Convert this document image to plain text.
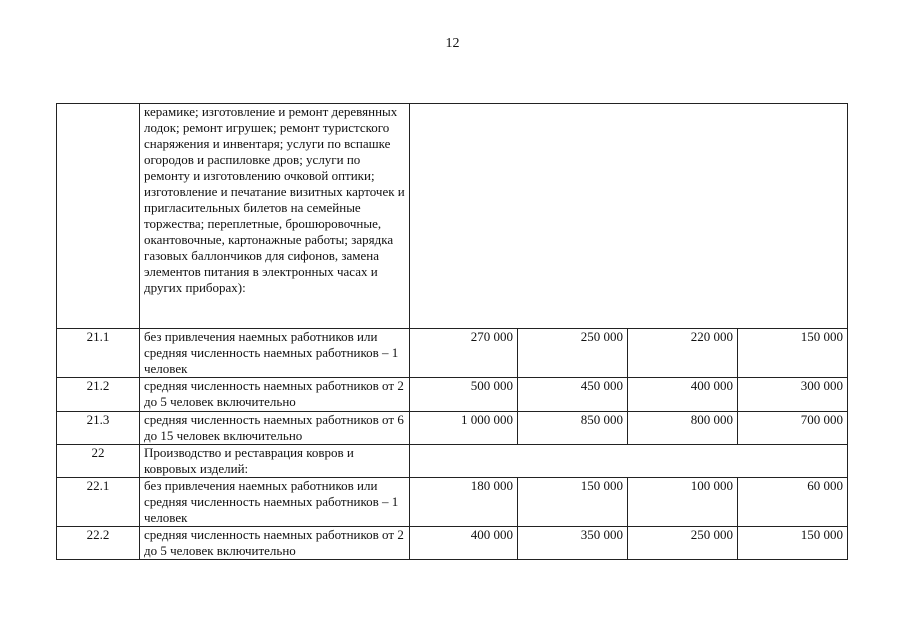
12
	керамике; изготовление и ремонт деревянных лодок; ремонт игрушек; ремонт туристского снаряжения и инвентаря; услуги по вспашке огородов и распиловке дров; услуги по ремонту и изготовлению очковой оптики; изготовление и печатание визитных карточек и пригласительных билетов на семейные торжества; переплетные, брошюровочные, окантовочные, картонажные работы; зарядка газовых баллончиков для сифонов, замена элементов питания в электронных часах и других приборах):				
21.1	без привлечения наемных работников или средняя численность наемных работников – 1 человек	270 000	250 000	220 000	150 000
21.2	средняя численность наемных работников от 2 до 5 человек включительно	500 000	450 000	400 000	300 000
21.3	средняя численность наемных работников от 6 до 15 человек включительно	1 000 000	850 000	800 000	700 000
22	Производство и реставрация ковров и ковровых изделий:				
22.1	без привлечения наемных работников или средняя численность наемных работников – 1 человек	180 000	150 000	100 000	60 000
22.2	средняя численность наемных работников от 2 до 5 человек включительно	400 000	350 000	250 000	150 000
